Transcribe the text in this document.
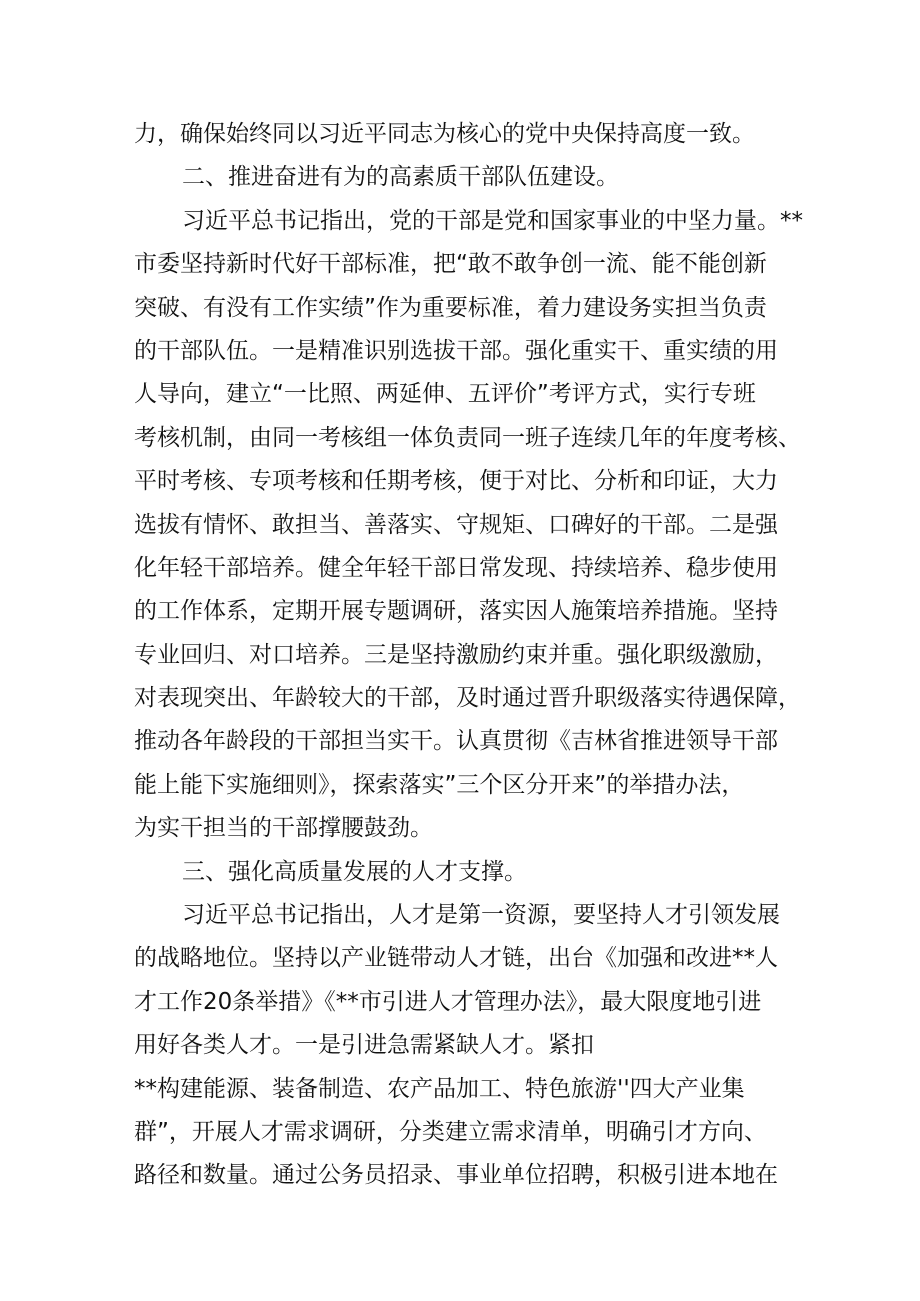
力，确保始终同以习近平同志为核心的党中央保持高度一致。
二、推进奋进有为的高素质干部队伍建设。
习近平总书记指出，党的干部是党和国家事业的中坚力量。**
市委坚持新时代好干部标准，把“敢不敢争创一流、能不能创新
突破、有没有工作实绩”作为重要标准，着力建设务实担当负责
的干部队伍。一是精准识别选拔干部。强化重实干、重实绩的用
人导向，建立“一比照、两延伸、五评价”考评方式，实行专班
考核机制，由同一考核组一体负责同一班子连续几年的年度考核、
平时考核、专项考核和任期考核，便于对比、分析和印证，大力
选拔有情怀、敢担当、善落实、守规矩、口碑好的干部。二是强
化年轻干部培养。健全年轻干部日常发现、持续培养、稳步使用
的工作体系，定期开展专题调研，落实因人施策培养措施。坚持
专业回归、对口培养。三是坚持激励约束并重。强化职级激励，
对表现突出、年龄较大的干部，及时通过晋升职级落实待遇保障，
推动各年龄段的干部担当实干。认真贯彻《吉林省推进领导干部
能上能下实施细则》，探索落实”三个区分开来”的举措办法，
为实干担当的干部撑腰鼓劲。
三、强化高质量发展的人才支撑。
习近平总书记指出，人才是第一资源，要坚持人才引领发展
的战略地位。坚持以产业链带动人才链，出台《加强和改进**人
才工作20条举措》《**市引进人才管理办法》，最大限度地引进
用好各类人才。一是引进急需紧缺人才。紧扣
**构建能源、装备制造、农产品加工、特色旅游''四大产业集
群”，开展人才需求调研，分类建立需求清单，明确引才方向、
路径和数量。通过公务员招录、事业单位招聘，积极引进本地在
